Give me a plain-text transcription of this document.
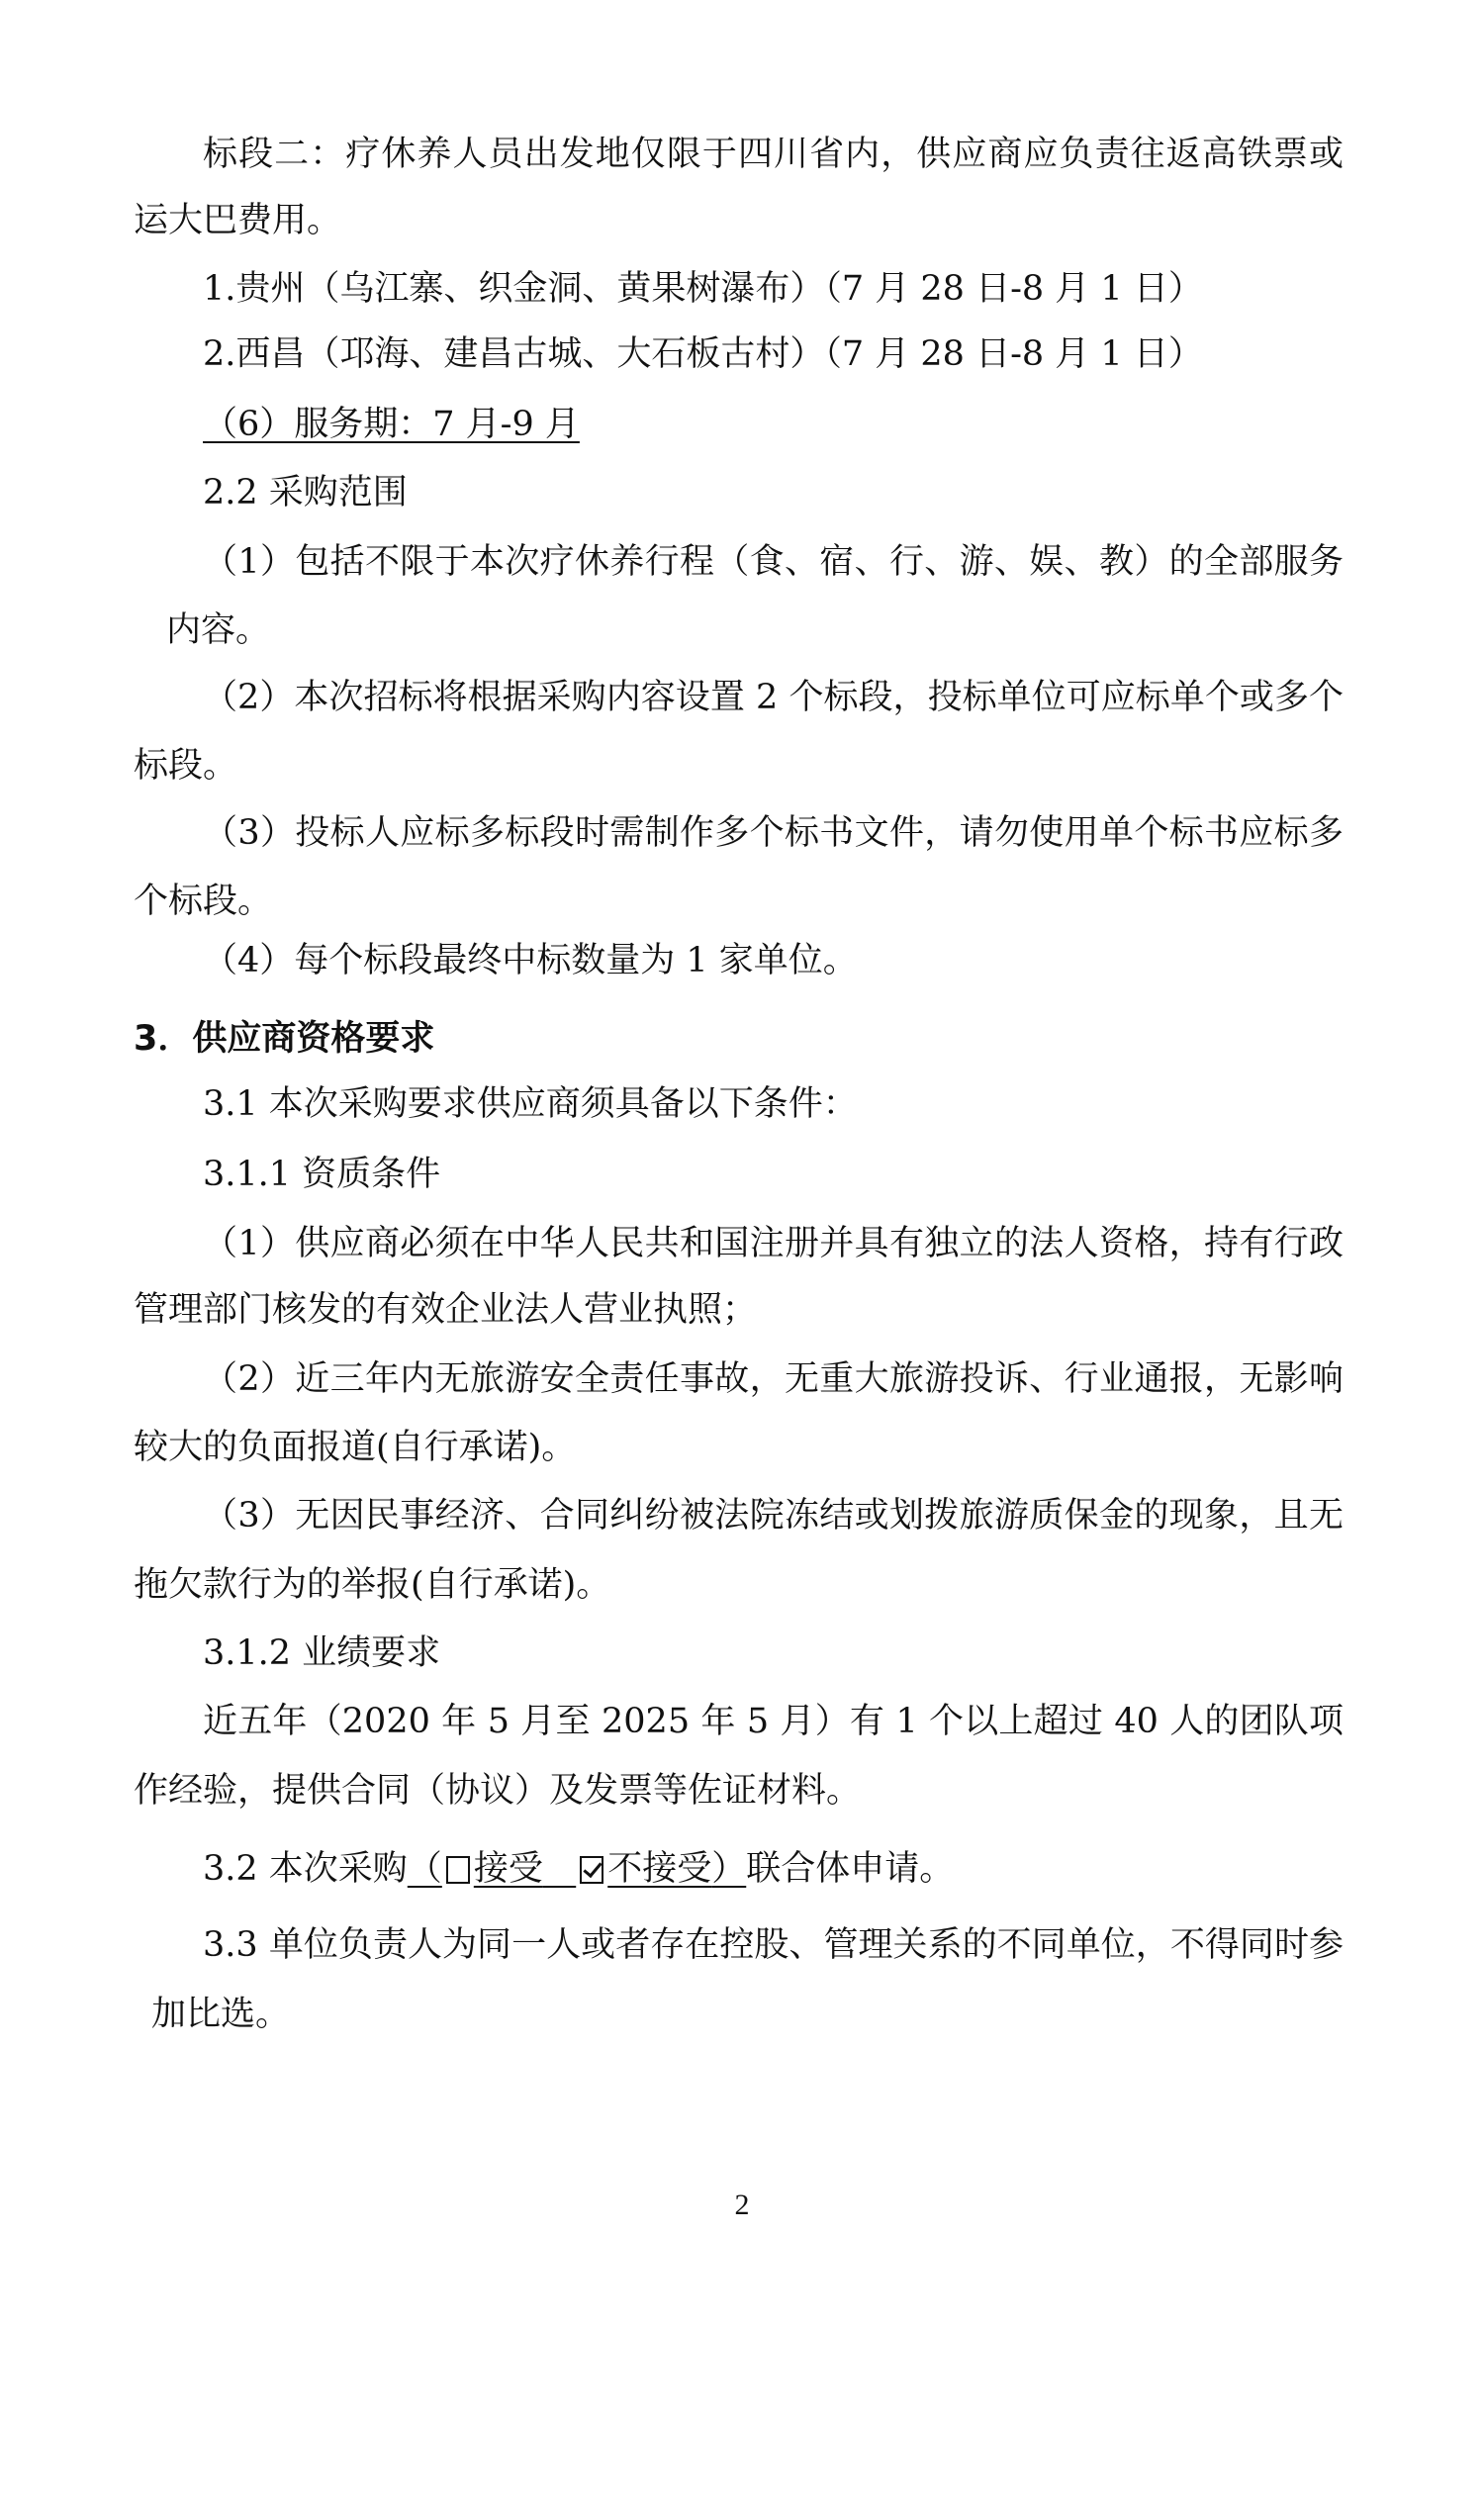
标段二：疗休养人员出发地仅限于四川省内，供应商应负责往返高铁票或
运大巴费用。
1.贵州（乌江寨、织金洞、黄果树瀑布）（7 月 28 日-8 月 1 日）
2.西昌（邛海、建昌古城、大石板古村）（7 月 28 日-8 月 1 日）
（6）服务期：7 月-9 月
2.2 采购范围
（1）包括不限于本次疗休养行程（食、宿、行、游、娱、教）的全部服务
内容。
（2）本次招标将根据采购内容设置 2 个标段，投标单位可应标单个或多个
标段。
（3）投标人应标多标段时需制作多个标书文件，请勿使用单个标书应标多
个标段。
（4）每个标段最终中标数量为 1 家单位。
3．供应商资格要求
3.1 本次采购要求供应商须具备以下条件：
3.1.1 资质条件
（1）供应商必须在中华人民共和国注册并具有独立的法人资格，持有行政
管理部门核发的有效企业法人营业执照；
（2）近三年内无旅游安全责任事故，无重大旅游投诉、行业通报，无影响
较大的负面报道(自行承诺)。
（3）无因民事经济、合同纠纷被法院冻结或划拨旅游质保金的现象，且无
拖欠款行为的举报(自行承诺)。
3.1.2 业绩要求
近五年（2020 年 5 月至 2025 年 5 月）有 1 个以上超过 40 人的团队项
作经验，提供合同（协议）及发票等佐证材料。
3.2 本次采购（ 接受 不接受）联合体申请。
3.3 单位负责人为同一人或者存在控股、管理关系的不同单位，不得同时参
加比选。
2
